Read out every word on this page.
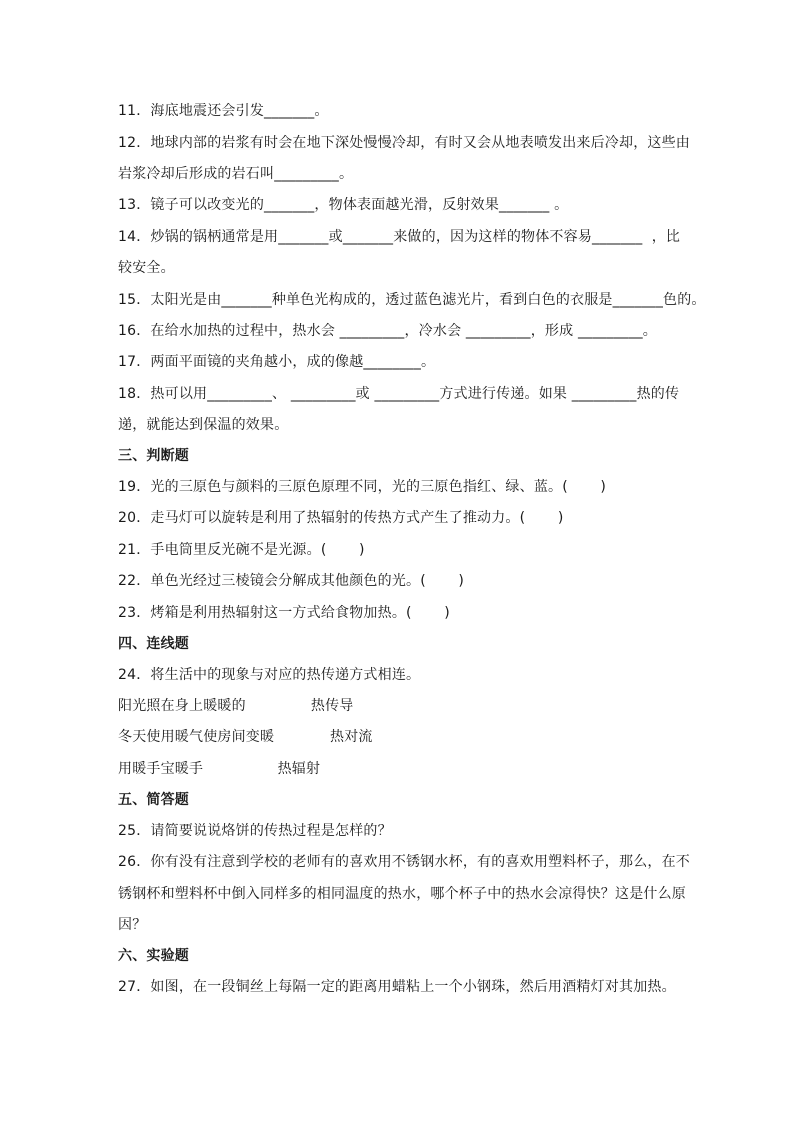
11．海底地震还会引发_______。
12．地球内部的岩浆有时会在地下深处慢慢冷却，有时又会从地表喷发出来后冷却，这些由
岩浆冷却后形成的岩石叫_________。
13．镜子可以改变光的_______，物体表面越光滑，反射效果_______ 。
14．炒锅的锅柄通常是用_______或_______来做的，因为这样的物体不容易_______  ，比
较安全。
15．太阳光是由_______种单色光构成的，透过蓝色滤光片，看到白色的衣服是_______色的。
16．在给水加热的过程中，热水会 _________，冷水会 _________，形成 _________。
17．两面平面镜的夹角越小，成的像越________。
18．热可以用_________、 _________或 _________方式进行传递。如果 _________热的传
递，就能达到保温的效果。
三、判断题
19．光的三原色与颜料的三原色原理不同，光的三原色指红、绿、蓝。(       )
20．走马灯可以旋转是利用了热辐射的传热方式产生了推动力。(       )
21．手电筒里反光碗不是光源。(       )
22．单色光经过三棱镜会分解成其他颜色的光。(       )
23．烤箱是利用热辐射这一方式给食物加热。(       )
四、连线题
24．将生活中的现象与对应的热传递方式相连。
阳光照在身上暖暖的              热传导
冬天使用暖气使房间变暖            热对流
用暖手宝暖手                热辐射
五、简答题
25．请简要说说烙饼的传热过程是怎样的？
26．你有没有注意到学校的老师有的喜欢用不锈钢水杯，有的喜欢用塑料杯子，那么，在不
锈钢杯和塑料杯中倒入同样多的相同温度的热水，哪个杯子中的热水会凉得快？这是什么原
因？
六、实验题
27．如图，在一段铜丝上每隔一定的距离用蜡粘上一个小钢珠，然后用酒精灯对其加热。
